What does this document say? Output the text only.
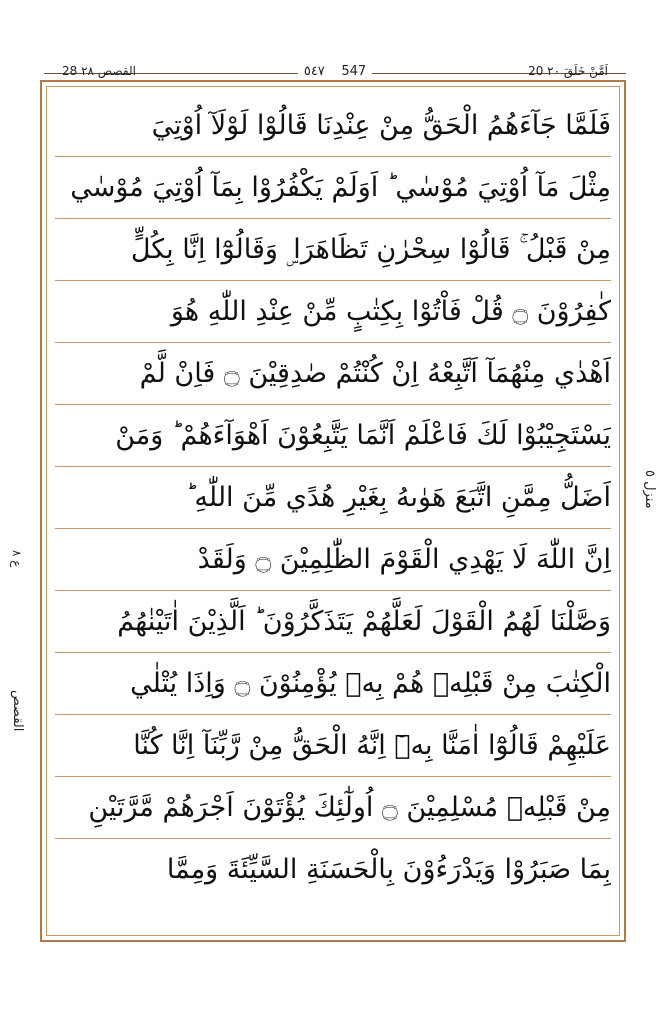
28 القصص ٢٨	٥٤٧ 547	20 اَمَّنْ خَلَقَ ٢٠
منزل ٥
ع ٨
القصص
فَلَمَّا جَآءَهُمُ الْحَقُّ مِنْ عِنْدِنَا قَالُوْا لَوْلَآ اُوْتِيَ
مِثْلَ مَآ اُوْتِيَ مُوْسٰي ؕ اَوَلَمْ يَكْفُرُوْا بِمَآ اُوْتِيَ مُوْسٰي
مِنْ قَبْلُ ۚ قَالُوْا سِحْرٰنِ تَظَاهَرَا ۣ وَقَالُوْٓا اِنَّا بِكُلٍّ
كٰفِرُوْنَ ۝ قُلْ فَاْتُوْا بِكِتٰبٍ مِّنْ عِنْدِ اللّٰهِ هُوَ
اَهْدٰي مِنْهُمَآ اَتَّبِعْهُ اِنْ كُنْتُمْ صٰدِقِيْنَ ۝ فَاِنْ لَّمْ
يَسْتَجِيْبُوْا لَكَ فَاعْلَمْ اَنَّمَا يَتَّبِعُوْنَ اَهْوَآءَهُمْ ؕ وَمَنْ
اَضَلُّ مِمَّنِ اتَّبَعَ هَوٰىهُ بِغَيْرِ هُدًي مِّنَ اللّٰهِ ؕ
اِنَّ اللّٰهَ لَا يَهْدِي الْقَوْمَ الظّٰلِمِيْنَ ۝ وَلَقَدْ
وَصَّلْنَا لَهُمُ الْقَوْلَ لَعَلَّهُمْ يَتَذَكَّرُوْنَ ؕ اَلَّذِيْنَ اٰتَيْنٰهُمُ
الْكِتٰبَ مِنْ قَبْلِهٖ هُمْ بِهٖ يُؤْمِنُوْنَ ۝ وَاِذَا يُتْلٰي
عَلَيْهِمْ قَالُوْٓا اٰمَنَّا بِهٖٓ اِنَّهُ الْحَقُّ مِنْ رَّبِّنَآ اِنَّا كُنَّا
مِنْ قَبْلِهٖ مُسْلِمِيْنَ ۝ اُولٰٓئِكَ يُؤْتَوْنَ اَجْرَهُمْ مَّرَّتَيْنِ
بِمَا صَبَرُوْا وَيَدْرَءُوْنَ بِالْحَسَنَةِ السَّيِّئَةَ وَمِمَّا
